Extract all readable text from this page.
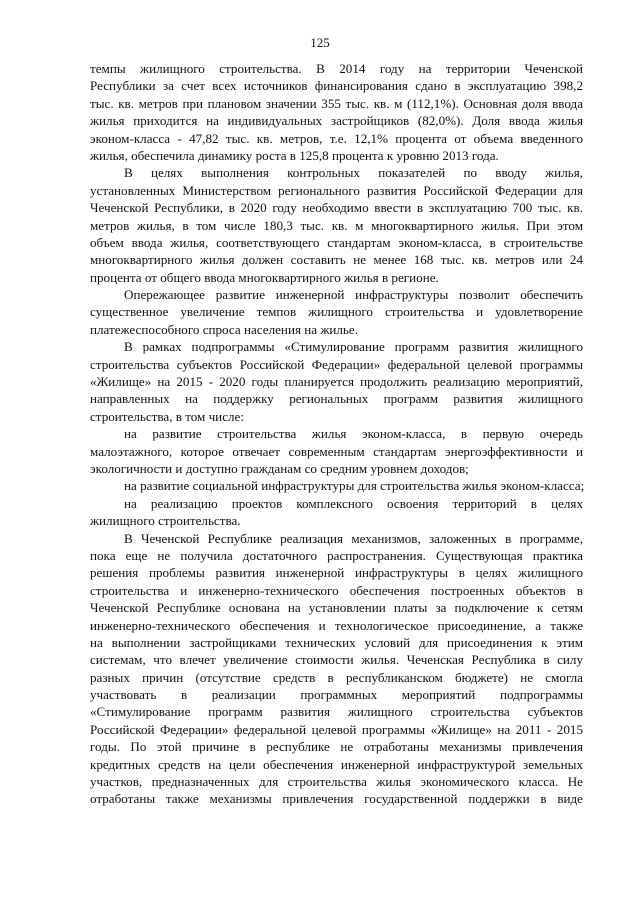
125
темпы жилищного строительства. В 2014 году на территории Чеченской
Республики за счет всех источников финансирования сдано в эксплуатацию 398,2
тыс. кв. метров при плановом значении 355 тыс. кв. м (112,1%). Основная доля ввода
жилья приходится на индивидуальных застройщиков (82,0%). Доля ввода жилья
эконом-класса - 47,82 тыс. кв. метров, т.е. 12,1% процента от объема введенного
жилья, обеспечила динамику роста в 125,8 процента к уровню 2013 года.
В целях выполнения контрольных показателей по вводу жилья,
установленных Министерством регионального развития Российской Федерации для
Чеченской Республики, в 2020 году необходимо ввести в эксплуатацию 700 тыс. кв.
метров жилья, в том числе 180,3 тыс. кв. м многоквартирного жилья. При этом
объем ввода жилья, соответствующего стандартам эконом-класса, в строительстве
многоквартирного жилья должен составить не менее 168 тыс. кв. метров или 24
процента от общего ввода многоквартирного жилья в регионе.
Опережающее развитие инженерной инфраструктуры позволит обеспечить
существенное увеличение темпов жилищного строительства и удовлетворение
платежеспособного спроса населения на жилье.
В рамках подпрограммы «Стимулирование программ развития жилищного
строительства субъектов Российской Федерации» федеральной целевой программы
«Жилище» на 2015 - 2020 годы планируется продолжить реализацию мероприятий,
направленных на поддержку региональных программ развития жилищного
строительства, в том числе:
на развитие строительства жилья эконом-класса, в первую очередь
малоэтажного, которое отвечает современным стандартам энергоэффективности и
экологичности и доступно гражданам со средним уровнем доходов;
на развитие социальной инфраструктуры для строительства жилья эконом-класса;
на реализацию проектов комплексного освоения территорий в целях
жилищного строительства.
В Чеченской Республике реализация механизмов, заложенных в программе,
пока еще не получила достаточного распространения. Существующая практика
решения проблемы развития инженерной инфраструктуры в целях жилищного
строительства и инженерно-технического обеспечения построенных объектов в
Чеченской Республике основана на установлении платы за подключение к сетям
инженерно-технического обеспечения и технологическое присоединение, а также
на выполнении застройщиками технических условий для присоединения к этим
системам, что влечет увеличение стоимости жилья. Чеченская Республика в силу
разных причин (отсутствие средств в республиканском бюджете) не смогла
участвовать в реализации программных мероприятий подпрограммы
«Стимулирование программ развития жилищного строительства субъектов
Российской Федерации» федеральной целевой программы «Жилище» на 2011 - 2015
годы. По этой причине в республике не отработаны механизмы привлечения
кредитных средств на цели обеспечения инженерной инфраструктурой земельных
участков, предназначенных для строительства жилья экономического класса. Не
отработаны также механизмы привлечения государственной поддержки в виде
